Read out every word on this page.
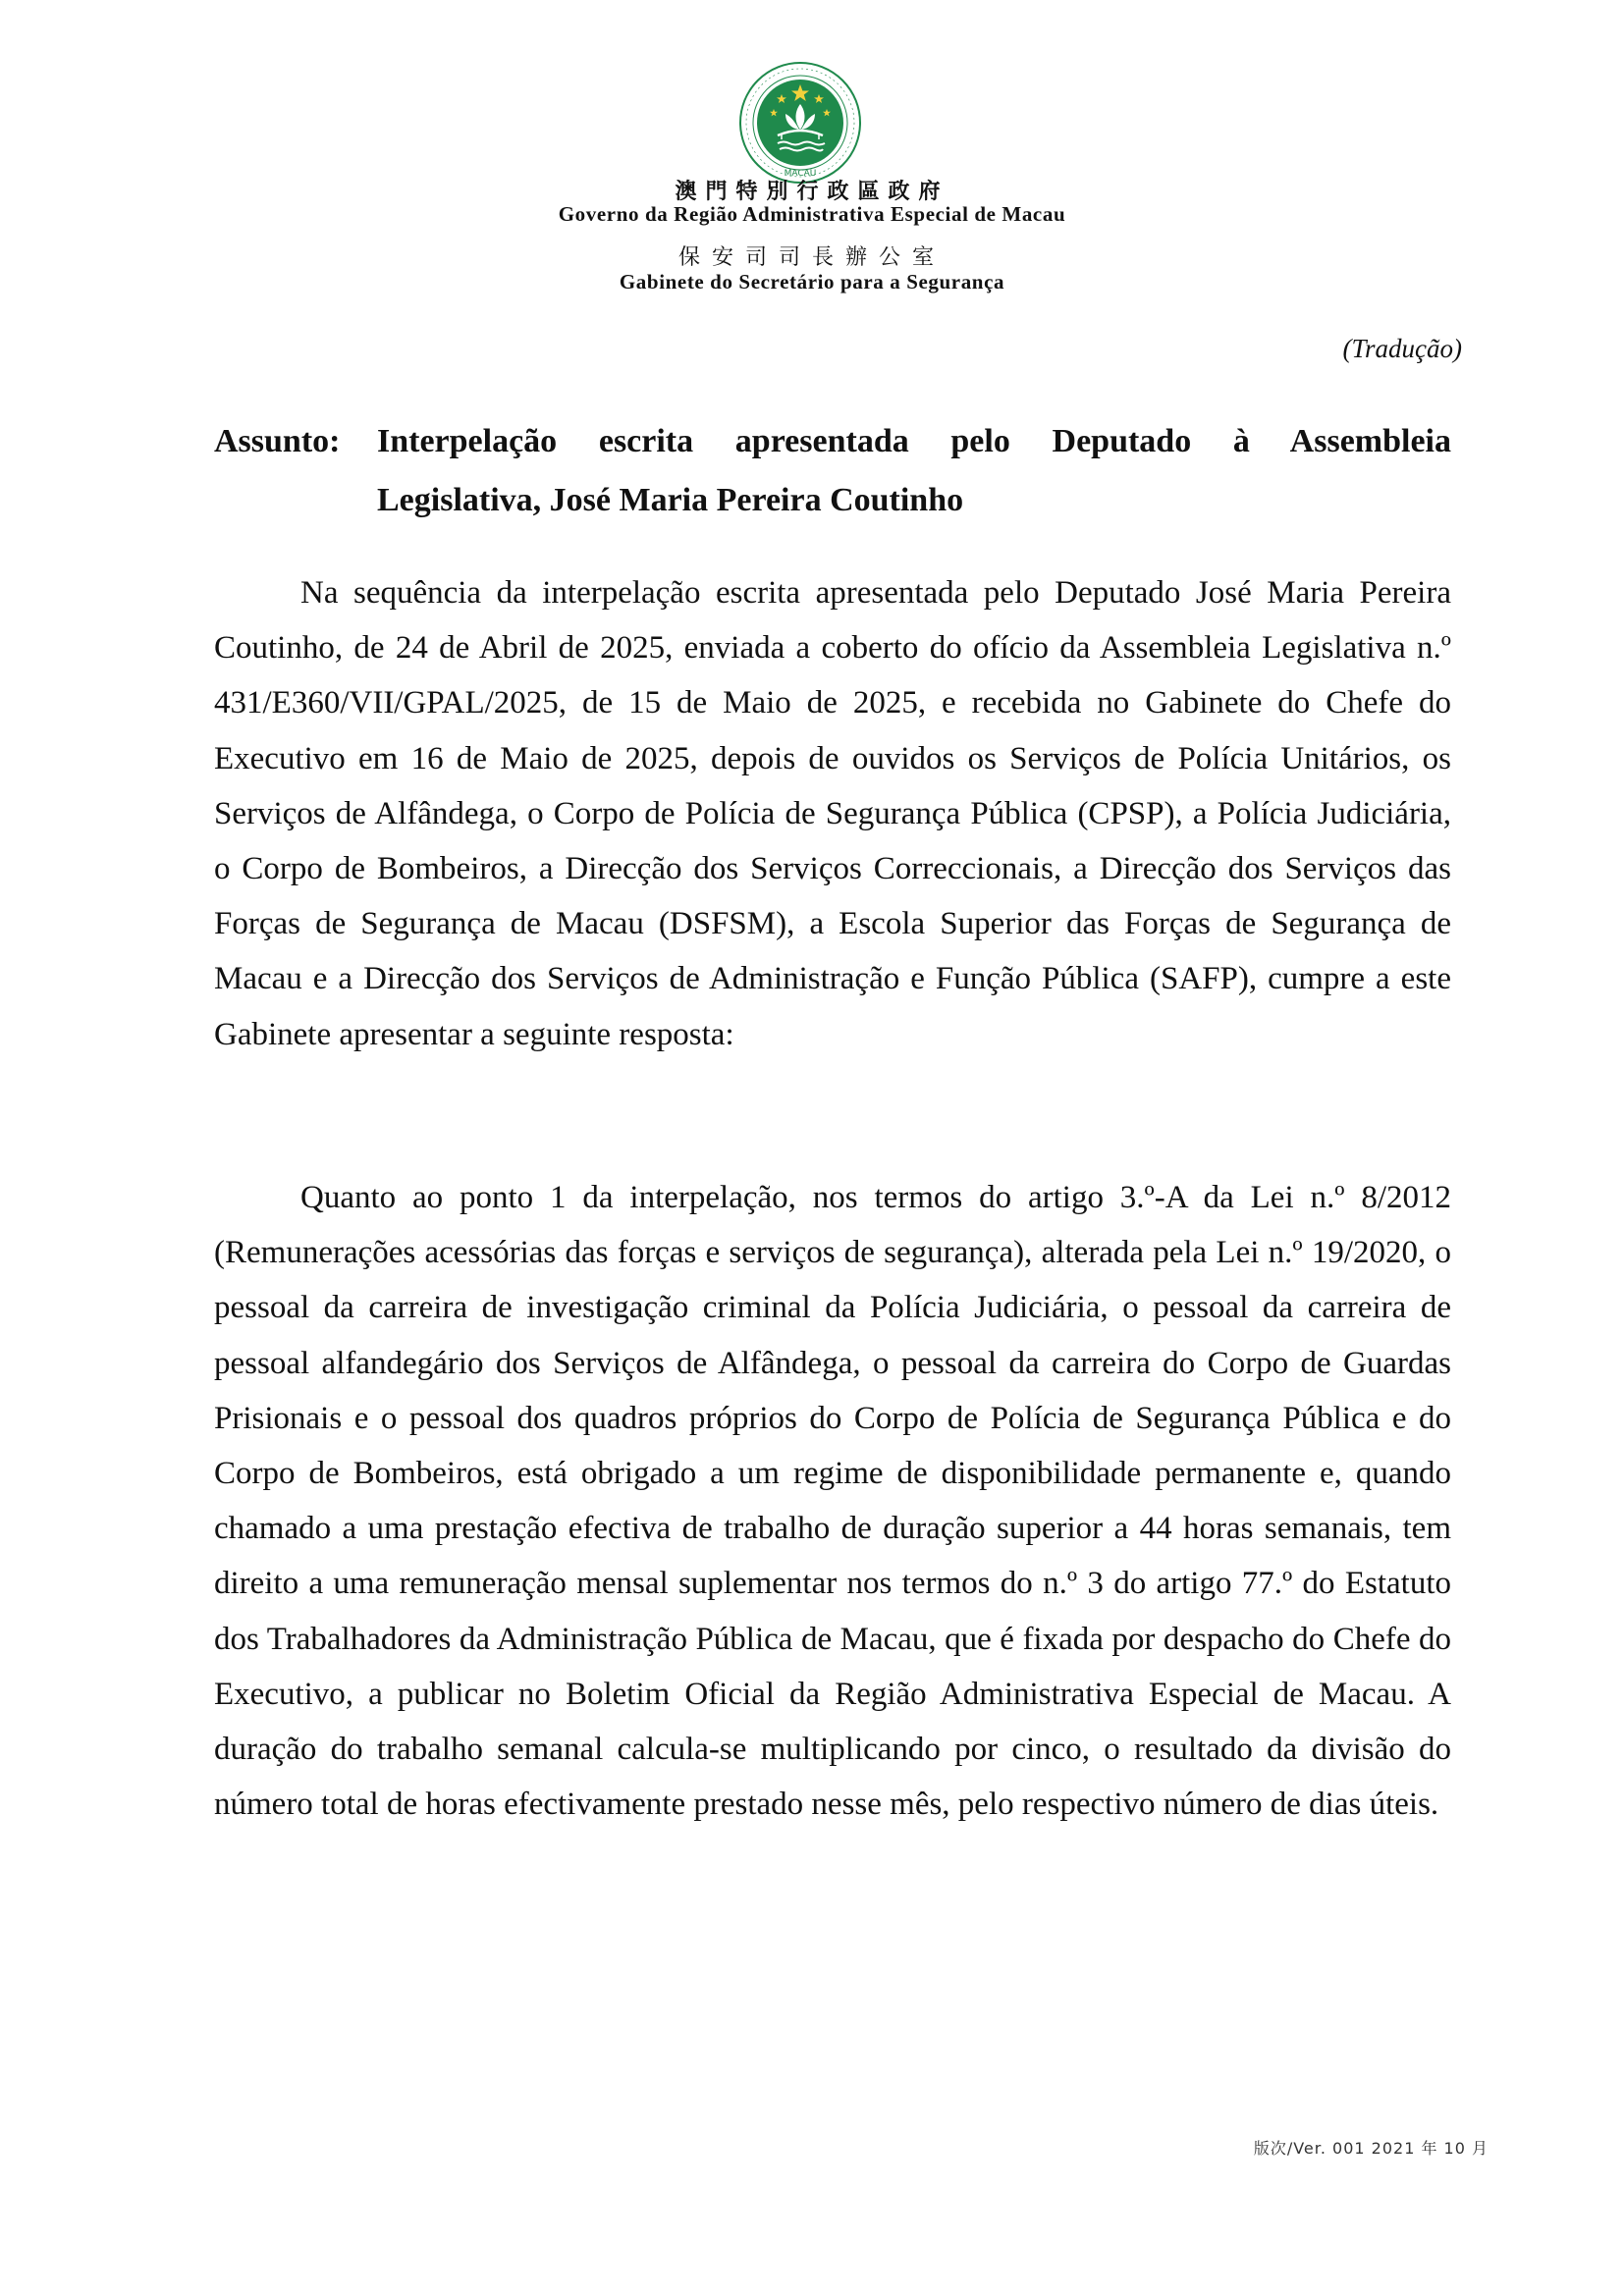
MACAU
澳門特別行政區政府
Governo da Região Administrativa Especial de Macau
保安司司長辦公室
Gabinete do Secretário para a Segurança
(Tradução)
Assunto: Interpelação escrita apresentada pelo Deputado à Assembleia
Legislativa, José Maria Pereira Coutinho

Na sequência da interpelação escrita apresentada pelo Deputado José Maria Pereira Coutinho, de 24 de Abril de 2025, enviada a coberto do ofício da Assembleia Legislativa n.º 431/E360/VII/GPAL/2025, de 15 de Maio de 2025, e recebida no Gabinete do Chefe do Executivo em 16 de Maio de 2025, depois de ouvidos os Serviços de Polícia Unitários, os Serviços de Alfândega, o Corpo de Polícia de Segurança Pública (CPSP), a Polícia Judiciária, o Corpo de Bombeiros, a Direcção dos Serviços Correccionais, a Direcção dos Serviços das Forças de Segurança de Macau (DSFSM), a Escola Superior das Forças de Segurança de Macau e a Direcção dos Serviços de Administração e Função Pública (SAFP), cumpre a este Gabinete apresentar a seguinte resposta:

Quanto ao ponto 1 da interpelação, nos termos do artigo 3.º-A da Lei n.º 8/2012 (Remunerações acessórias das forças e serviços de segurança), alterada pela Lei n.º 19/2020, o pessoal da carreira de investigação criminal da Polícia Judiciária, o pessoal da carreira de pessoal alfandegário dos Serviços de Alfândega, o pessoal da carreira do Corpo de Guardas Prisionais e o pessoal dos quadros próprios do Corpo de Polícia de Segurança Pública e do Corpo de Bombeiros, está obrigado a um regime de disponibilidade permanente e, quando chamado a uma prestação efectiva de trabalho de duração superior a 44 horas semanais, tem direito a uma remuneração mensal suplementar nos termos do n.º 3 do artigo 77.º do Estatuto dos Trabalhadores da Administração Pública de Macau, que é fixada por despacho do Chefe do Executivo, a publicar no Boletim Oficial da Região Administrativa Especial de Macau. A duração do trabalho semanal calcula-se multiplicando por cinco, o resultado da divisão do número total de horas efectivamente prestado nesse mês, pelo respectivo número de dias úteis.

版次/Ver. 001 2021 年 10 月
